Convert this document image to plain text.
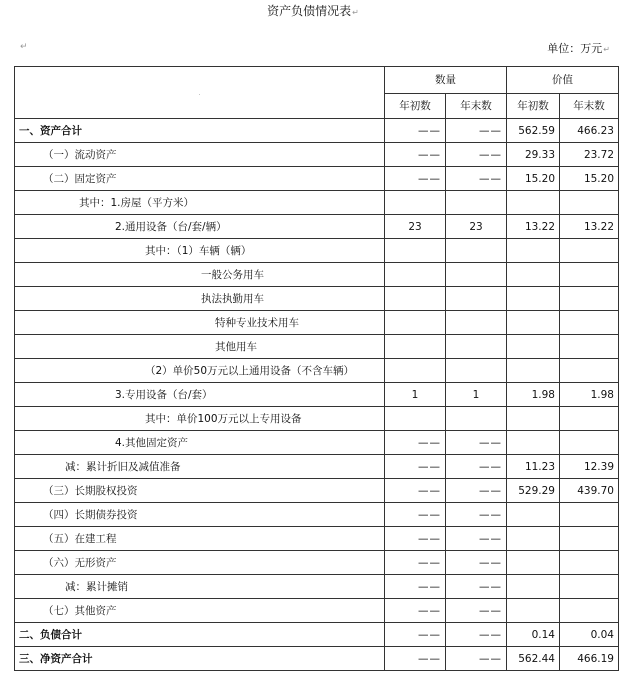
资产负债情况表↵
↵	单位：万元↵
.	数量		价值	
	年初数	年末数	年初数	年末数
一、资产合计	——	——	562.59	466.23
（一）流动资产	——	——	29.33	23.72
（二）固定资产	——	——	15.20	15.20
其中：1.房屋（平方米）				
2.通用设备（台/套/辆）	23	23	13.22	13.22
其中：（1）车辆（辆）				
一般公务用车				
执法执勤用车				
特种专业技术用车				
其他用车				
（2）单价50万元以上通用设备（不含车辆）				
3.专用设备（台/套）	1	1	1.98	1.98
其中：单价100万元以上专用设备				
4.其他固定资产	——	——		
减：累计折旧及减值准备	——	——	11.23	12.39
（三）长期股权投资	——	——	529.29	439.70
（四）长期债券投资	——	——		
（五）在建工程	——	——		
（六）无形资产	——	——		
减：累计摊销	——	——		
（七）其他资产	——	——		
二、负债合计	——	——	0.14	0.04
三、净资产合计	——	——	562.44	466.19
